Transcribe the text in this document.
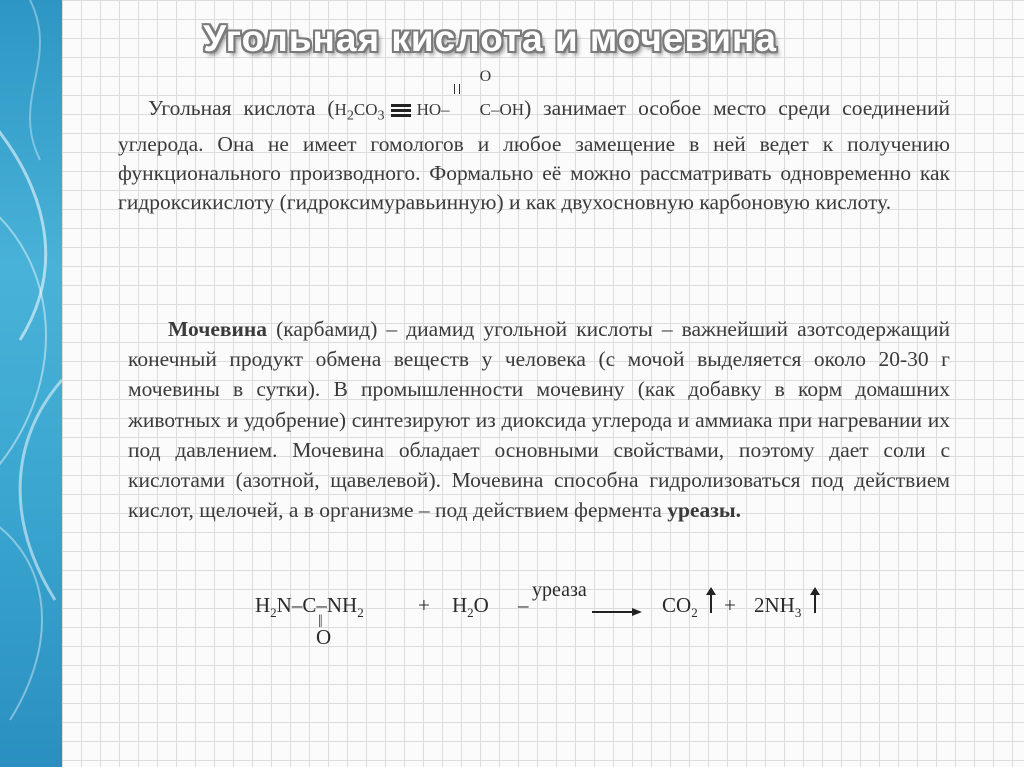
Угольная кислота и мочевина
Угольная кислота ($H_2CO_3$ HO–
O
C–OH) занимает особое место среди соединений углерода. Она не имеет гомологов и любое замещение в ней ведет к получению функционального производного. Формально её можно рассматривать одновременно как гидроксикислоту (гидроксимуравьинную) и как двухосновную карбоновую кислоту.
Мочевина (карбамид) – диамид угольной кислоты – важнейший азотсодержащий конечный продукт обмена веществ у человека (с мочой выделяется около 20-30 г мочевины в сутки). В промышленности мочевину (как добавку в корм домашних животных и удобрение) синтезируют из диоксида углерода и аммиака при нагревании их под давлением. Мочевина обладает основными свойствами, поэтому дает соли с кислотами (азотной, щавелевой). Мочевина способна гидролизоваться под действием кислот, щелочей, а в организме – под действием фермента уреазы.
$H_2N-C-NH_2$
||
O
+ $H_2O$ –
уреаза
→ $CO_2 + 2NH_3$
